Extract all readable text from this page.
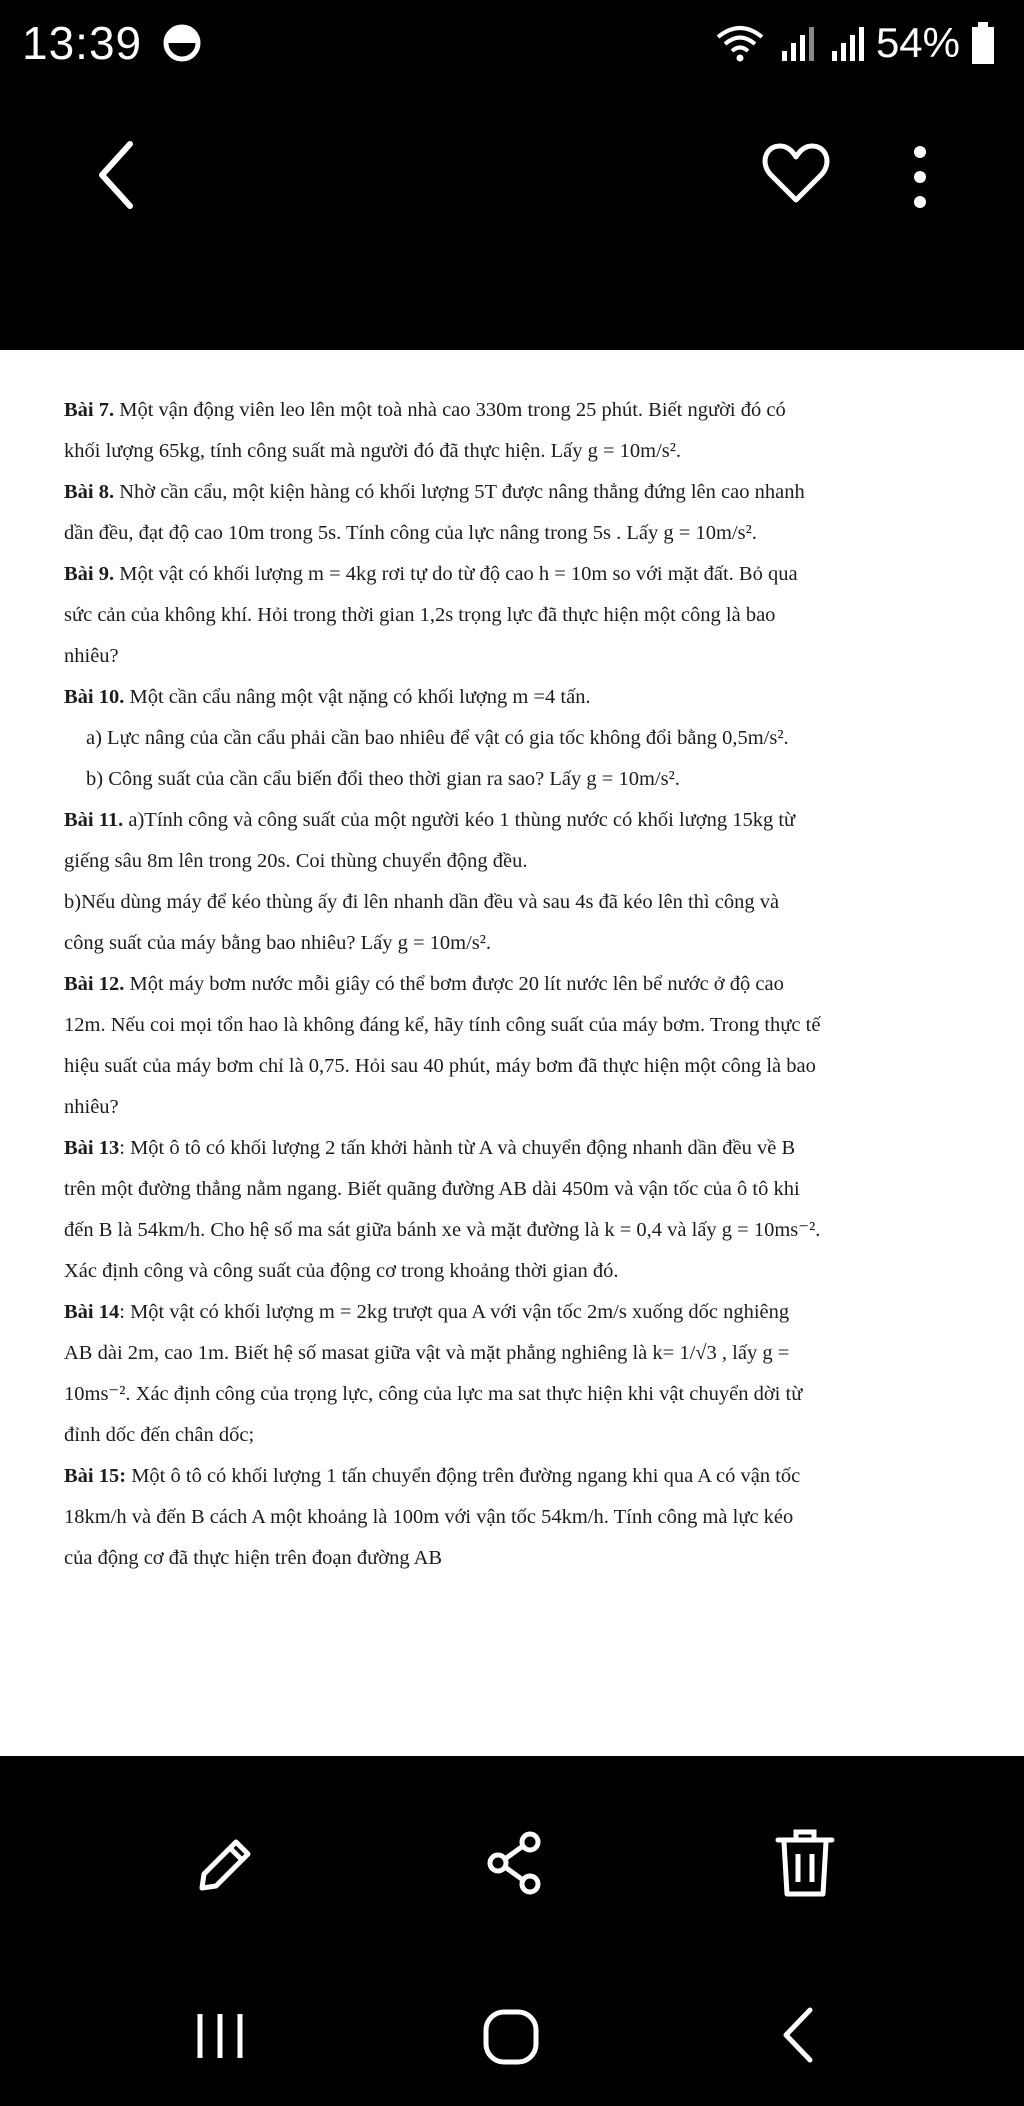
13:39	54%

Bài 7. Một vận động viên leo lên một toà nhà cao 330m trong 25 phút. Biết người đó có

khối lượng 65kg, tính công suất mà người đó đã thực hiện. Lấy g = 10m/s².

Bài 8. Nhờ cần cẩu, một kiện hàng có khối lượng 5T được nâng thẳng đứng lên cao nhanh

dần đều, đạt độ cao 10m trong 5s. Tính công của lực nâng trong 5s . Lấy g = 10m/s².

Bài 9. Một vật có khối lượng m = 4kg rơi tự do từ độ cao h = 10m so với mặt đất. Bỏ qua

sức cản của không khí. Hỏi trong thời gian 1,2s trọng lực đã thực hiện một công là bao

nhiêu?

Bài 10. Một cần cẩu nâng một vật nặng có khối lượng m =4 tấn.

a) Lực nâng của cần cẩu phải cần bao nhiêu để vật có gia tốc không đổi bằng 0,5m/s².

b) Công suất của cần cẩu biến đổi theo thời gian ra sao? Lấy g = 10m/s².

Bài 11. a)Tính công và công suất của một người kéo 1 thùng nước có khối lượng 15kg từ

giếng sâu 8m lên trong 20s. Coi thùng chuyển động đều.

b)Nếu dùng máy để kéo thùng ấy đi lên nhanh dần đều và sau 4s đã kéo lên thì công và

công suất của máy bằng bao nhiêu? Lấy g = 10m/s².

Bài 12. Một máy bơm nước mỗi giây có thể bơm được 20 lít nước lên bể nước ở độ cao

12m. Nếu coi mọi tổn hao là không đáng kể, hãy tính công suất của máy bơm. Trong thực tế

hiệu suất của máy bơm chỉ là 0,75. Hỏi sau 40 phút, máy bơm đã thực hiện một công là bao

nhiêu?

Bài 13: Một ô tô có khối lượng 2 tấn khởi hành từ A và chuyển động nhanh dần đều về B

trên một đường thẳng nằm ngang. Biết quãng đường AB dài 450m và vận tốc của ô tô khi

đến B là 54km/h. Cho hệ số ma sát giữa bánh xe và mặt đường là k = 0,4 và lấy g = 10ms⁻².

Xác định công và công suất của động cơ trong khoảng thời gian đó.

Bài 14: Một vật có khối lượng m = 2kg trượt qua A với vận tốc 2m/s xuống dốc nghiêng

AB dài 2m, cao 1m. Biết hệ số masat giữa vật và mặt phẳng nghiêng là k= 1/√3 , lấy g =

10ms⁻². Xác định công của trọng lực, công của lực ma sat thực hiện khi vật chuyển dời từ

đỉnh dốc đến chân dốc;

Bài 15: Một ô tô có khối lượng 1 tấn chuyển động trên đường ngang khi qua A có vận tốc

18km/h và đến B cách A một khoảng là 100m với vận tốc 54km/h. Tính công mà lực kéo

của động cơ đã thực hiện trên đoạn đường AB
